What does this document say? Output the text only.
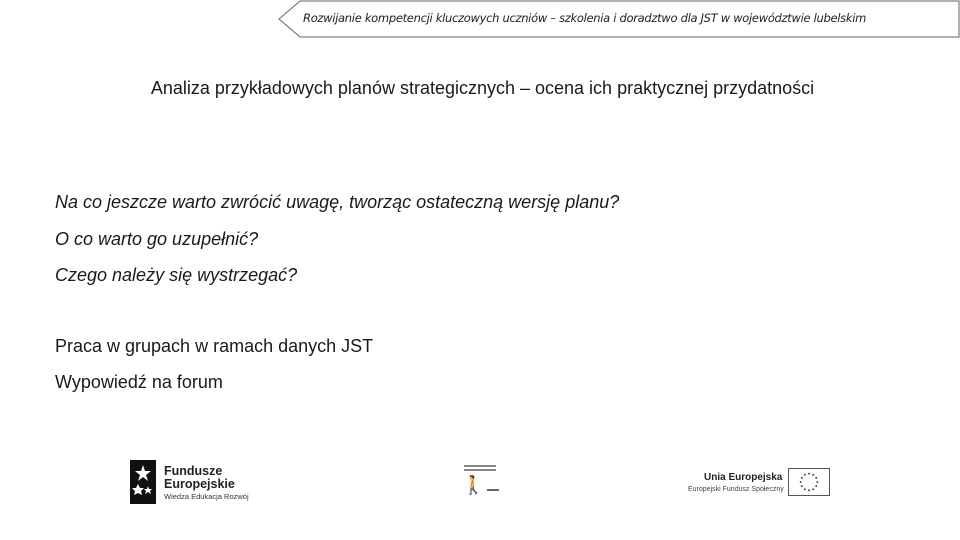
Rozwijanie kompetencji kluczowych uczniów – szkolenia i doradztwo dla JST w województwie lubelskim
Analiza przykładowych planów strategicznych – ocena ich praktycznej przydatności
Na co jeszcze warto zwrócić uwagę, tworząc ostateczną wersję planu?
O co warto go uzupełnić?
Czego należy się wystrzegać?
Praca w grupach w ramach danych JST
Wypowiedź na forum
Fundusze
Europejskie
Wiedza Edukacja Rozwój
🚶	Unia Europejska
Europejski Fundusz Społeczny
